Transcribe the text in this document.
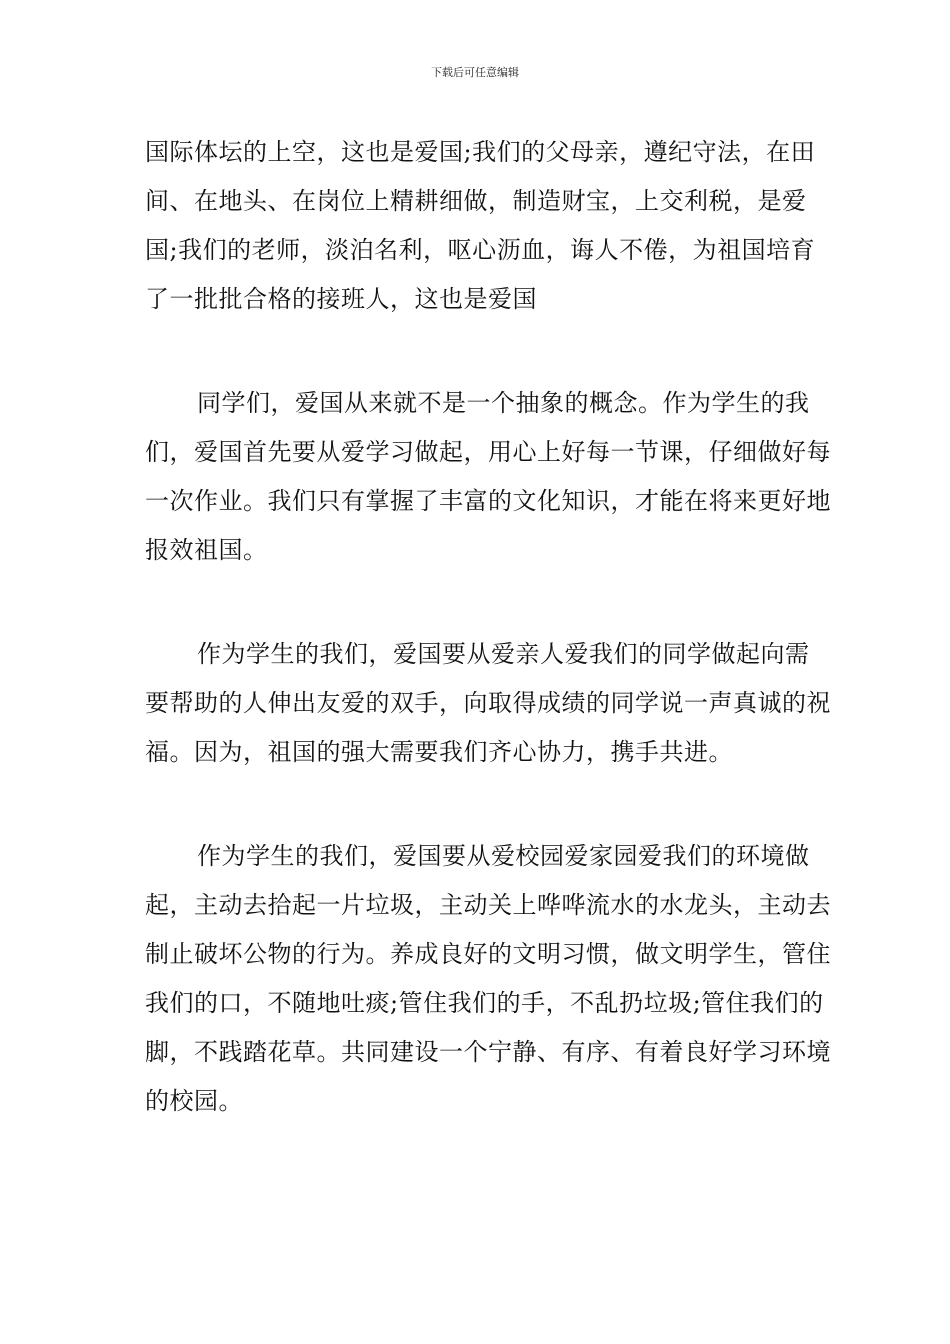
下载后可任意编辑

国际体坛的上空，这也是爱国;我们的父母亲，遵纪守法，在田间、在地头、在岗位上精耕细做，制造财宝，上交利税，是爱国;我们的老师，淡泊名利，呕心沥血，诲人不倦，为祖国培育了一批批合格的接班人，这也是爱国

同学们，爱国从来就不是一个抽象的概念。作为学生的我们，爱国首先要从爱学习做起，用心上好每一节课，仔细做好每一次作业。我们只有掌握了丰富的文化知识，才能在将来更好地报效祖国。

作为学生的我们，爱国要从爱亲人爱我们的同学做起向需要帮助的人伸出友爱的双手，向取得成绩的同学说一声真诚的祝福。因为，祖国的强大需要我们齐心协力，携手共进。

作为学生的我们，爱国要从爱校园爱家园爱我们的环境做起，主动去拾起一片垃圾，主动关上哗哗流水的水龙头，主动去制止破坏公物的行为。养成良好的文明习惯，做文明学生，管住我们的口，不随地吐痰;管住我们的手，不乱扔垃圾;管住我们的脚，不践踏花草。共同建设一个宁静、有序、有着良好学习环境的校园。
